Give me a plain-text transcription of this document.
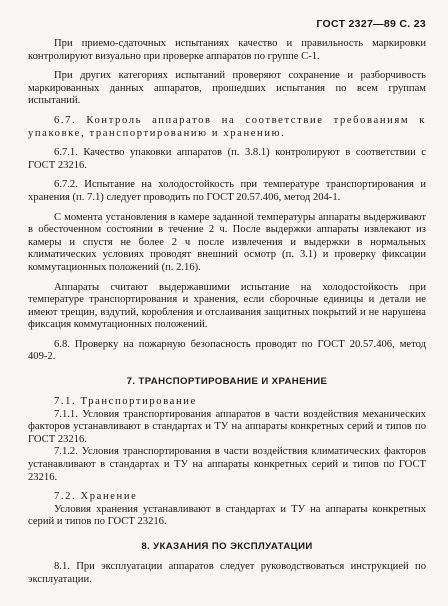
ГОСТ 2327—89 С. 23

При приемо-сдаточных испытаниях качество и правильность маркировки контролируют визуально при проверке аппаратов по группе С-1.

При других категориях испытаний проверяют сохранение и разборчивость маркированных данных аппаратов, прошедших испытания по всем группам испытаний.

6.7. Контроль аппаратов на соответствие требованиям к упаковке, транспортированию и хранению.

6.7.1. Качество упаковки аппаратов (п. 3.8.1) контролируют в соответствии с ГОСТ 23216.

6.7.2. Испытание на холодостойкость при температуре транспортирования и хранения (п. 7.1) следует проводить по ГОСТ 20.57.406, метод 204-1.

С момента установления в камере заданной температуры аппараты выдерживают в обесточенном состоянии в течение 2 ч. После выдержки аппараты извлекают из камеры и спустя не более 2 ч после извлечения и выдержки в нормальных климатических условиях проводят внешний осмотр (п. 3.1) и проверку фиксации коммутационных положений (п. 2.16).

Аппараты считают выдержавшими испытание на холодостойкость при температуре транспортирования и хранения, если сборочные единицы и детали не имеют трещин, вздутий, коробления и отслаивания защитных покрытий и не нарушена фиксация коммутационных положений.

6.8. Проверку на пожарную безопасность проводят по ГОСТ 20.57.406, метод 409-2.

7. ТРАНСПОРТИРОВАНИЕ И ХРАНЕНИЕ

7.1. Транспортирование

7.1.1. Условия транспортирования аппаратов в части воздействия механических факторов устанавливают в стандартах и ТУ на аппараты конкретных серий и типов по ГОСТ 23216.

7.1.2. Условия транспортирования в части воздействия климатических факторов устанавливают в стандартах и ТУ на аппараты конкретных серий и типов по ГОСТ 23216.

7.2. Хранение

Условия хранения устанавливают в стандартах и ТУ на аппараты конкретных серий и типов по ГОСТ 23216.

8. УКАЗАНИЯ ПО ЭКСПЛУАТАЦИИ

8.1. При эксплуатации аппаратов следует руководствоваться инструкцией по эксплуатации.
